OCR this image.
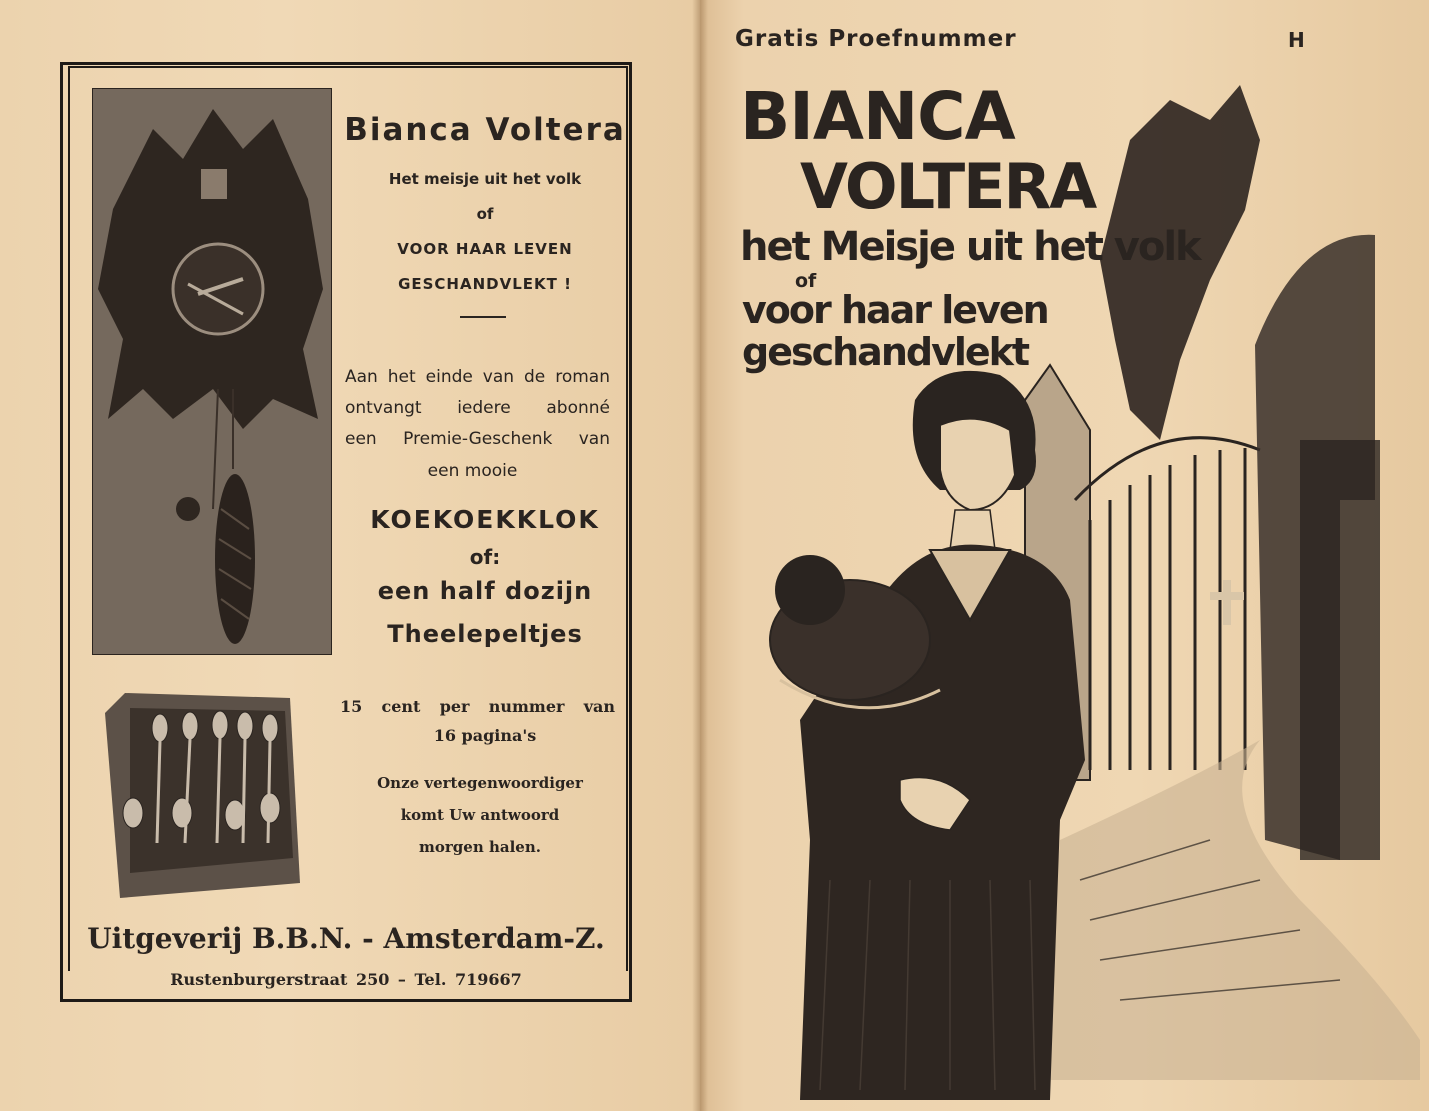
Bianca Voltera
Het meisje uit het volk
of
VOOR HAAR LEVEN
GESCHANDVLEKT !
Aan het einde van de roman
ontvangt iedere abonné
een Premie-Geschenk van
een mooie
KOEKOEKKLOK
of:
een half dozijn
Theelepeltjes
15 cent per nummer van
16 pagina's
Onze vertegenwoordiger
komt Uw antwoord
morgen halen.
Uitgeverij B.B.N. - Amsterdam-Z.
Rustenburgerstraat 250 – Tel. 719667
Gratis Proefnummer	H
BIANCA
VOLTERA
het Meisje uit het volk
of
voor haar leven
geschandvlekt
